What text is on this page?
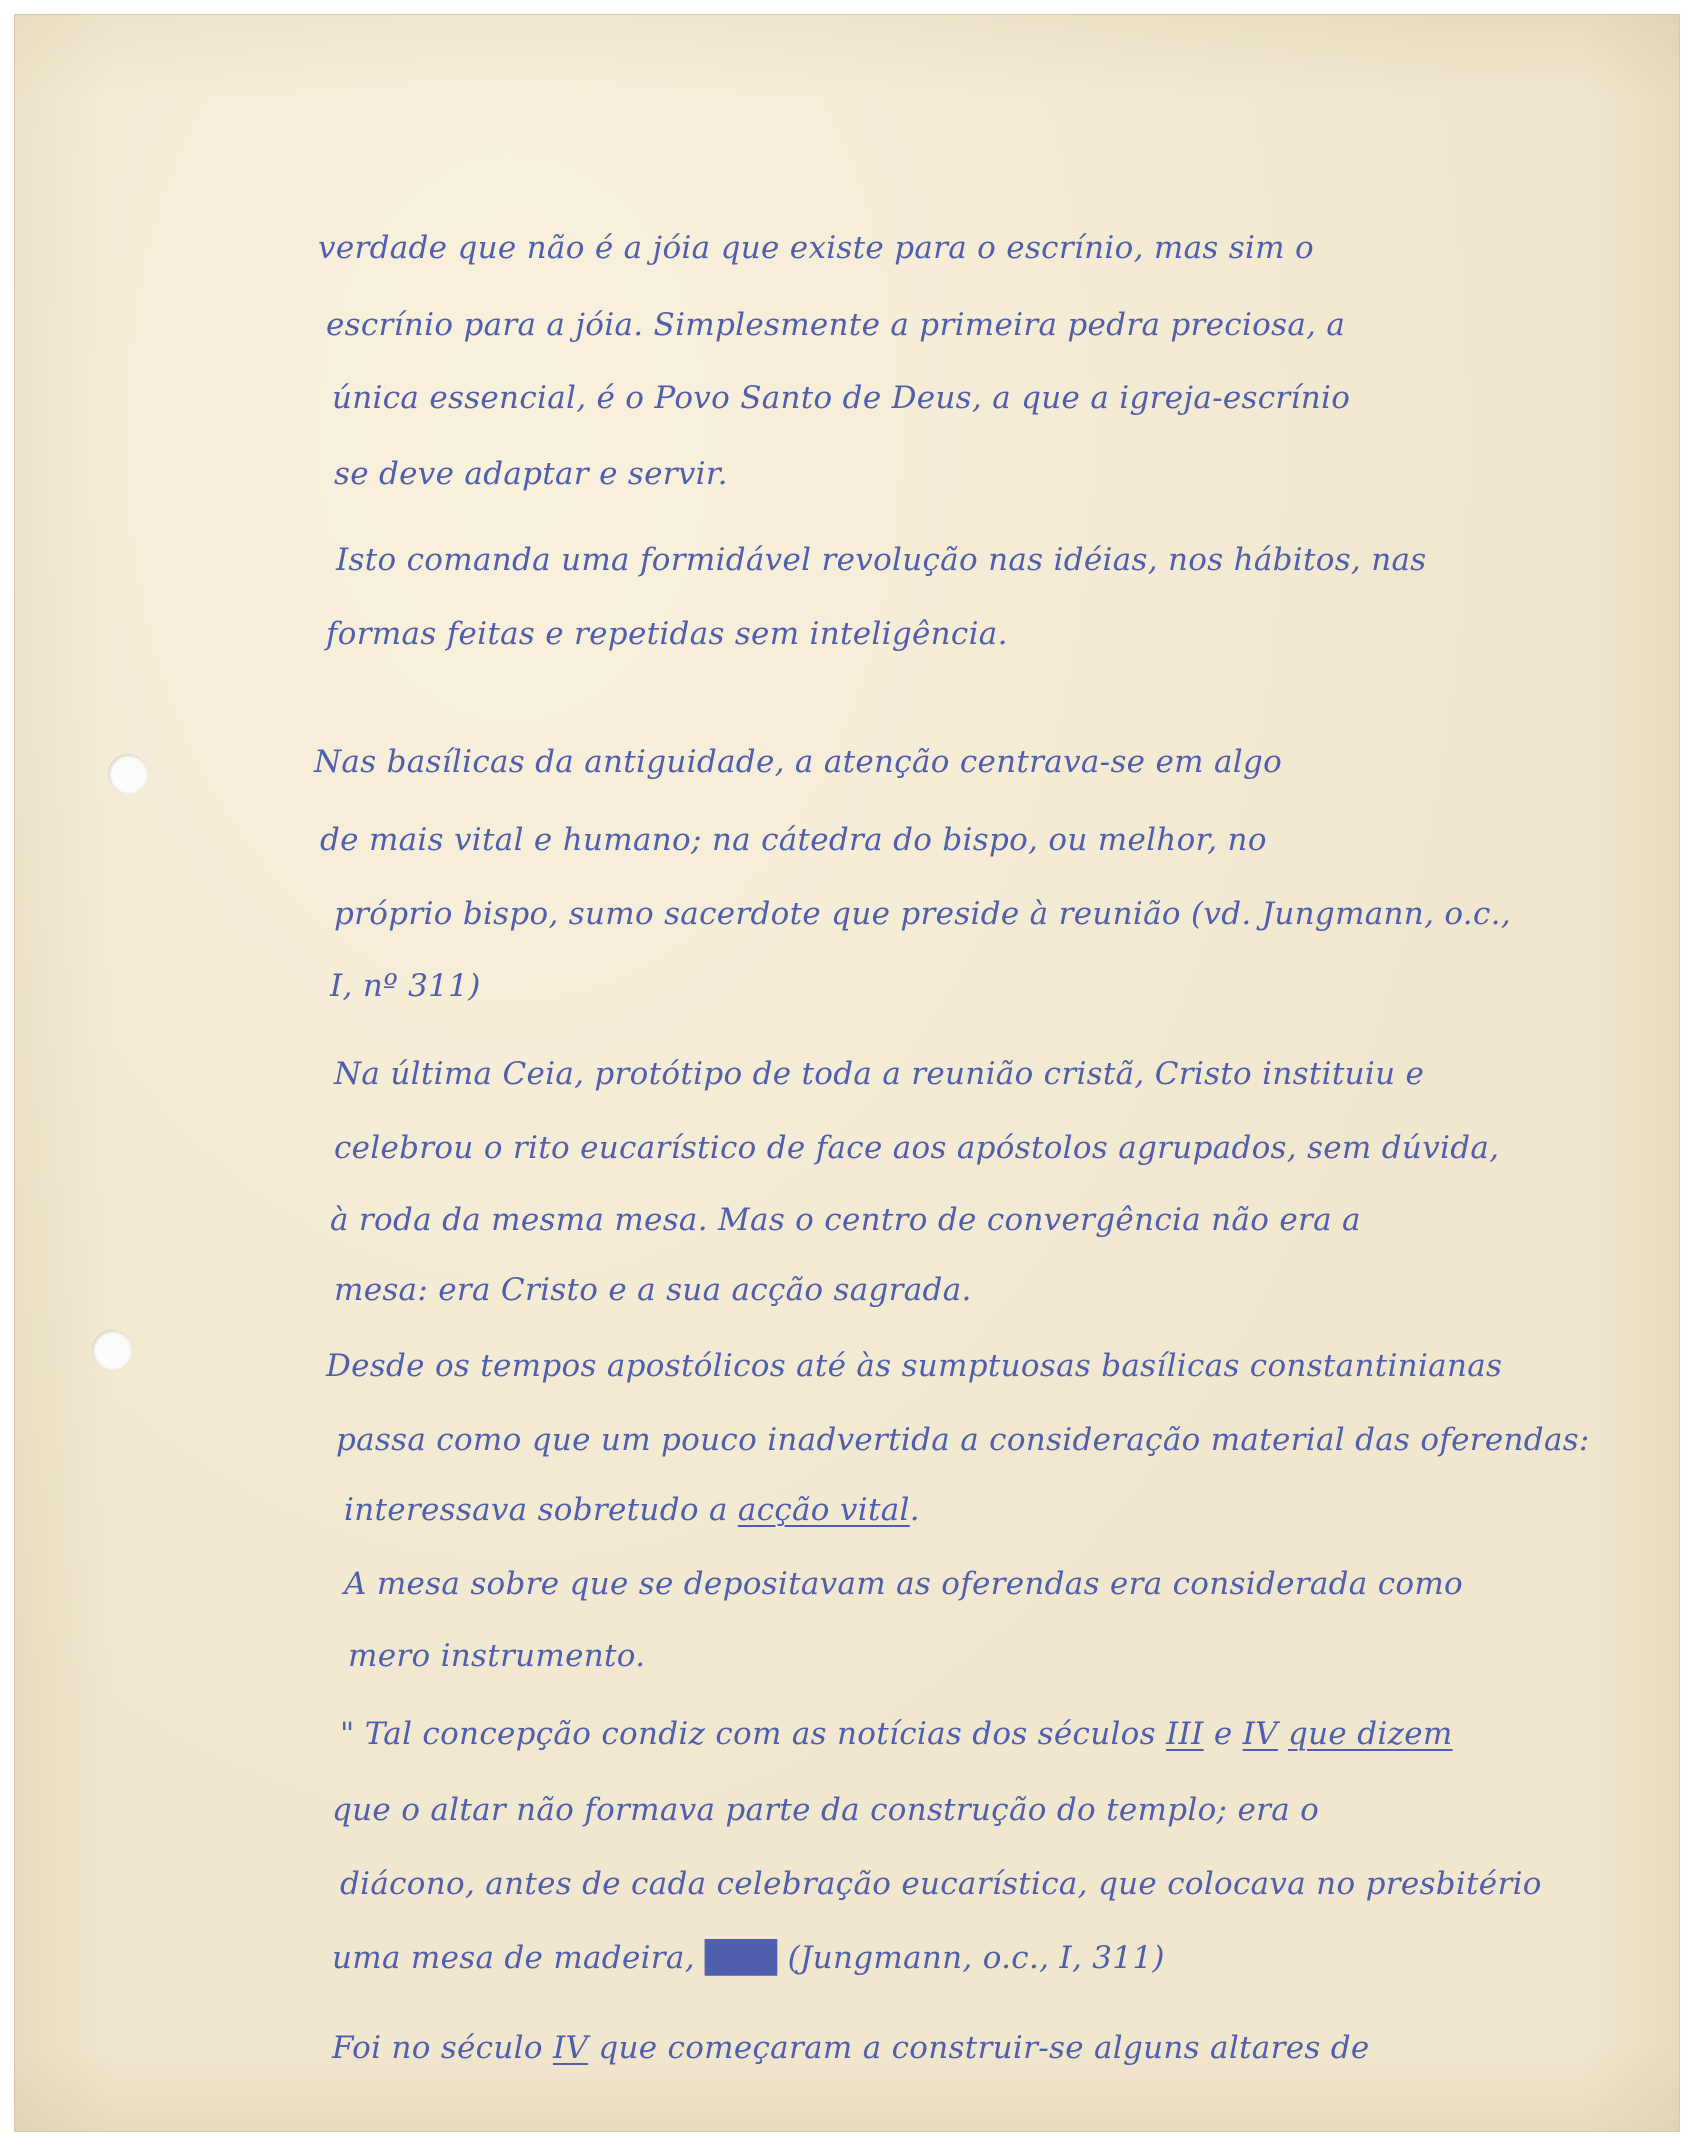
verdade que não é a jóia que existe para o escrínio, mas sim o

escrínio para a jóia. Simplesmente a primeira pedra preciosa, a

única essencial, é o Povo Santo de Deus, a que a igreja-escrínio

se deve adaptar e servir.

Isto comanda uma formidável revolução nas idéias, nos hábitos, nas

formas feitas e repetidas sem inteligência.

Nas basílicas da antiguidade, a atenção centrava-se em algo

de mais vital e humano; na cátedra do bispo, ou melhor, no

próprio bispo, sumo sacerdote que preside à reunião (vd. Jungmann, o.c.,

I, nº 311)

Na última Ceia, protótipo de toda a reunião cristã, Cristo instituiu e

celebrou o rito eucarístico de face aos apóstolos agrupados, sem dúvida,

à roda da mesma mesa. Mas o centro de convergência não era a

mesa: era Cristo e a sua acção sagrada.

Desde os tempos apostólicos até às sumptuosas basílicas constantinianas

passa como que um pouco inadvertida a consideração material das oferendas:

interessava sobretudo a acção vital.

A mesa sobre que se depositavam as oferendas era considerada como

mero instrumento.

" Tal concepção condiz com as notícias dos séculos III e IV que dizem

que o altar não formava parte da construção do templo; era o

diácono, antes de cada celebração eucarística, que colocava no presbitério

uma mesa de madeira, ███ (Jungmann, o.c., I, 311)

Foi no século IV que começaram a construir-se alguns altares de
